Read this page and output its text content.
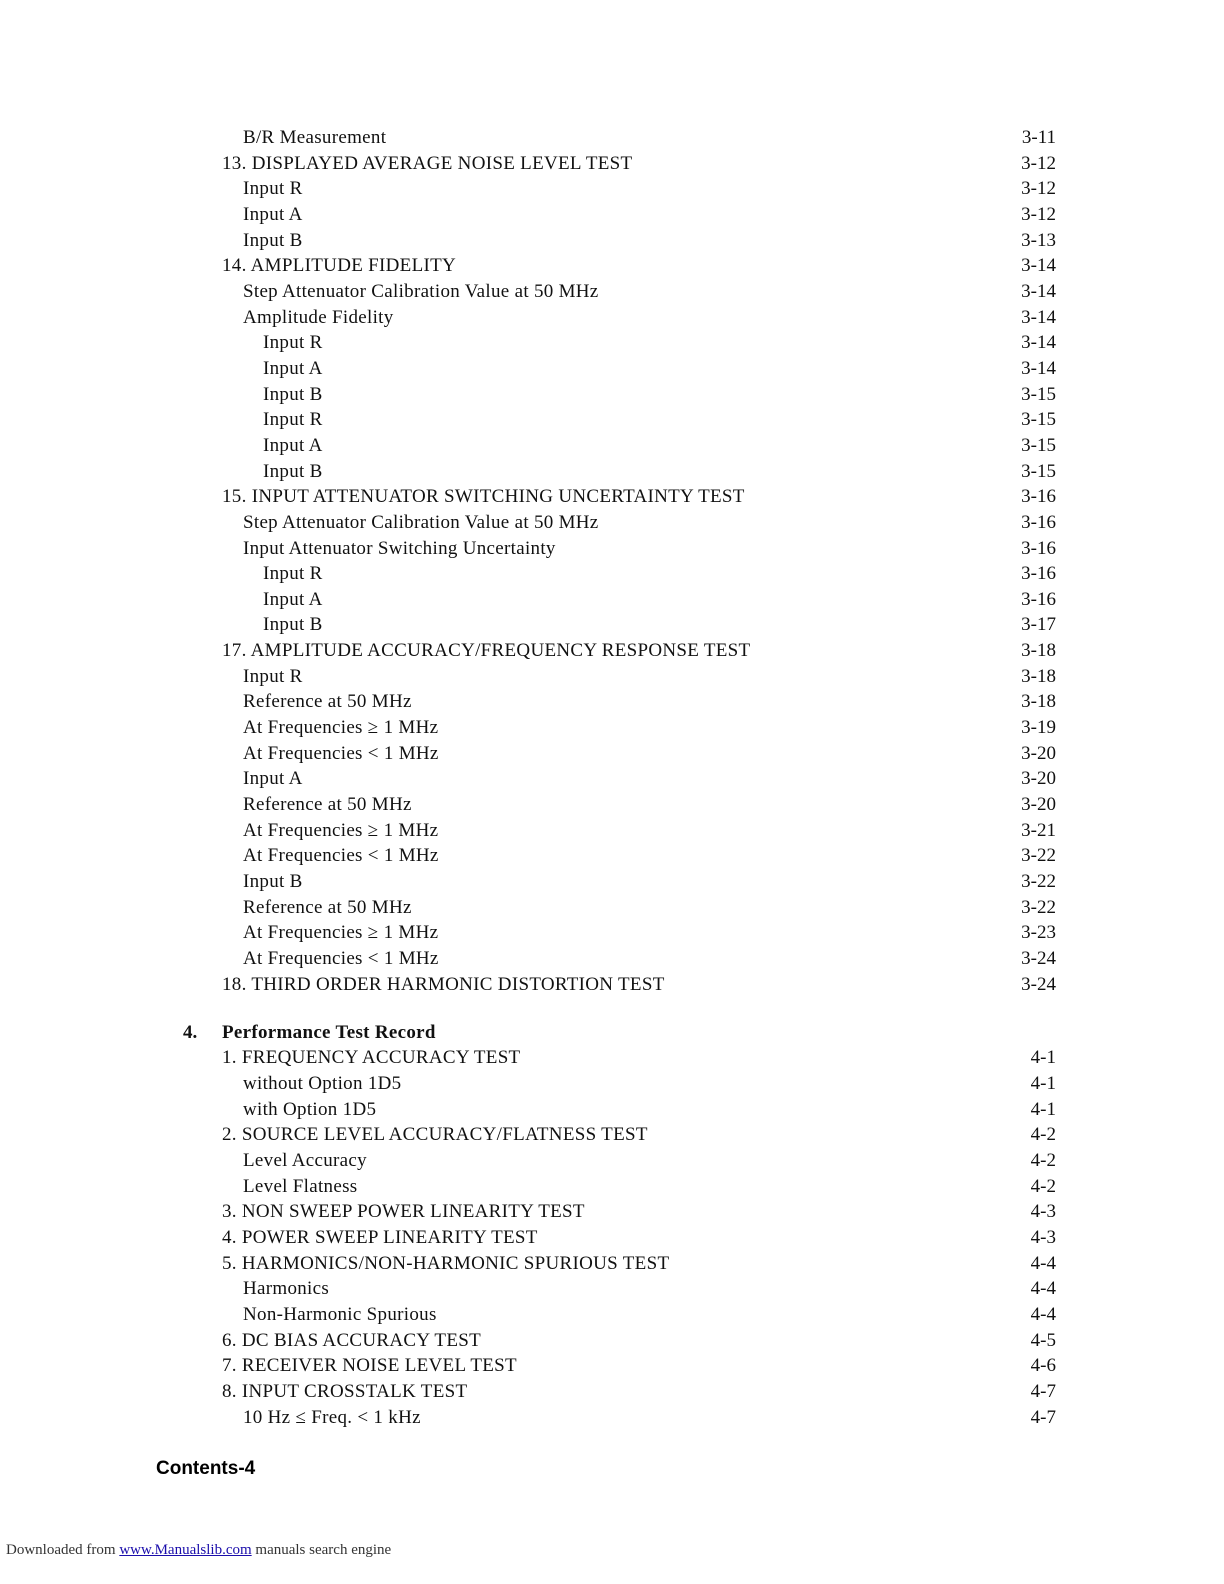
B/R Measurement	3-11
13. DISPLAYED AVERAGE NOISE LEVEL TEST	3-12
Input R	3-12
Input A	3-12
Input B	3-13
14. AMPLITUDE FIDELITY	3-14
Step Attenuator Calibration Value at 50 MHz	3-14
Amplitude Fidelity	3-14
Input R	3-14
Input A	3-14
Input B	3-15
Input R	3-15
Input A	3-15
Input B	3-15
15. INPUT ATTENUATOR SWITCHING UNCERTAINTY TEST	3-16
Step Attenuator Calibration Value at 50 MHz	3-16
Input Attenuator Switching Uncertainty	3-16
Input R	3-16
Input A	3-16
Input B	3-17
17. AMPLITUDE ACCURACY/FREQUENCY RESPONSE TEST	3-18
Input R	3-18
Reference at 50 MHz	3-18
At Frequencies ≥ 1 MHz	3-19
At Frequencies < 1 MHz	3-20
Input A	3-20
Reference at 50 MHz	3-20
At Frequencies ≥ 1 MHz	3-21
At Frequencies < 1 MHz	3-22
Input B	3-22
Reference at 50 MHz	3-22
At Frequencies ≥ 1 MHz	3-23
At Frequencies < 1 MHz	3-24
18. THIRD ORDER HARMONIC DISTORTION TEST	3-24
4. Performance Test Record
1. FREQUENCY ACCURACY TEST	4-1
without Option 1D5	4-1
with Option 1D5	4-1
2. SOURCE LEVEL ACCURACY/FLATNESS TEST	4-2
Level Accuracy	4-2
Level Flatness	4-2
3. NON SWEEP POWER LINEARITY TEST	4-3
4. POWER SWEEP LINEARITY TEST	4-3
5. HARMONICS/NON-HARMONIC SPURIOUS TEST	4-4
Harmonics	4-4
Non-Harmonic Spurious	4-4
6. DC BIAS ACCURACY TEST	4-5
7. RECEIVER NOISE LEVEL TEST	4-6
8. INPUT CROSSTALK TEST	4-7
10 Hz ≤ Freq. < 1 kHz	4-7
Contents-4
Downloaded from www.Manualslib.com manuals search engine
